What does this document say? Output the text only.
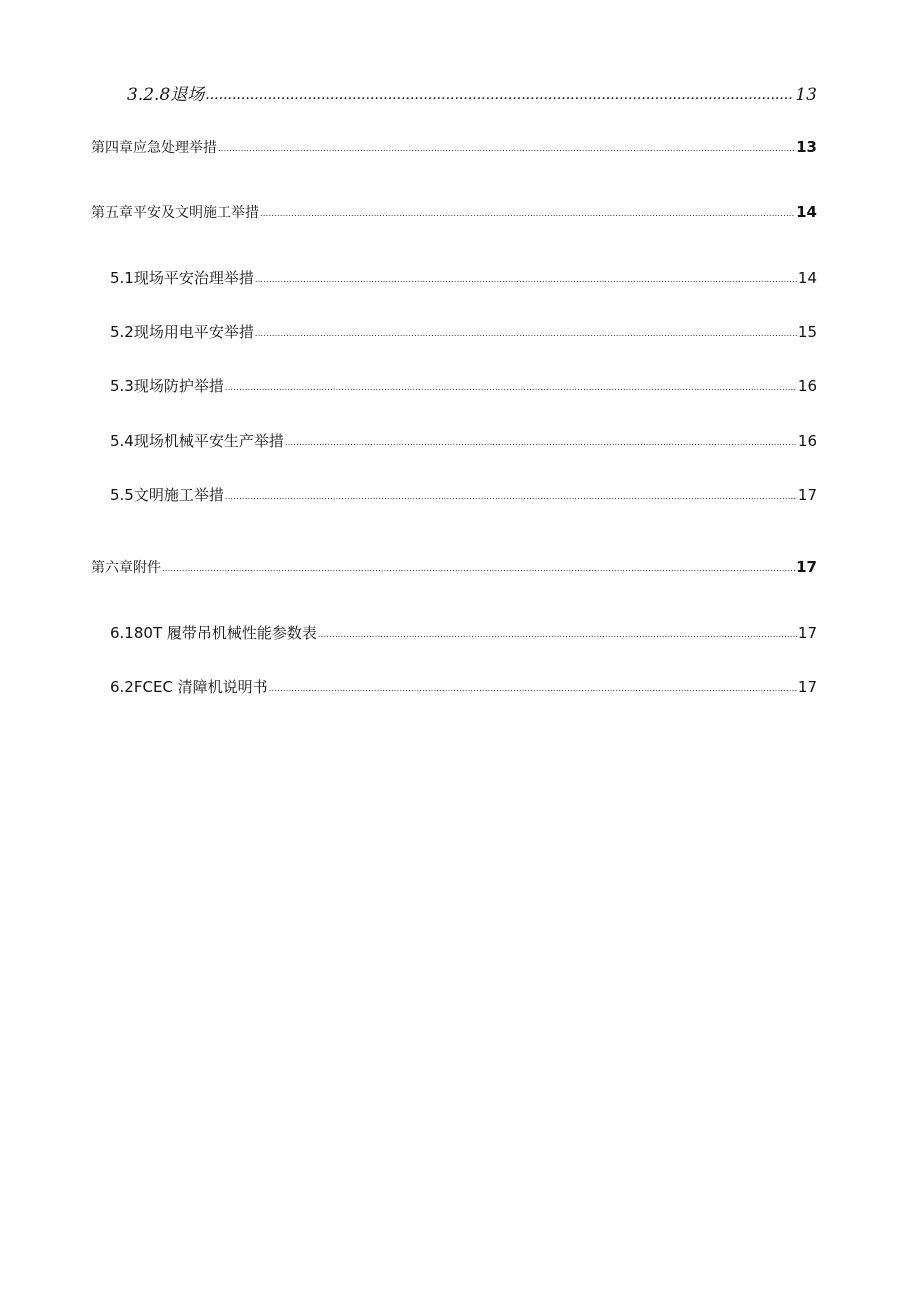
3.2.8 退场 .....	13
第四章应急处理举措 .....	13
第五章平安及文明施工举措 .....	14
5.1 现场平安治理举措 .....	14
5.2 现场用电平安举措 .....	15
5.3 现场防护举措 .....	16
5.4 现场机械平安生产举措 .....	16
5.5 文明施工举措 .....	17
第六章附件 .....	17
6.1 80T 履带吊机械性能参数表 .....	17
6.2 FCEC 清障机说明书 .....	17
